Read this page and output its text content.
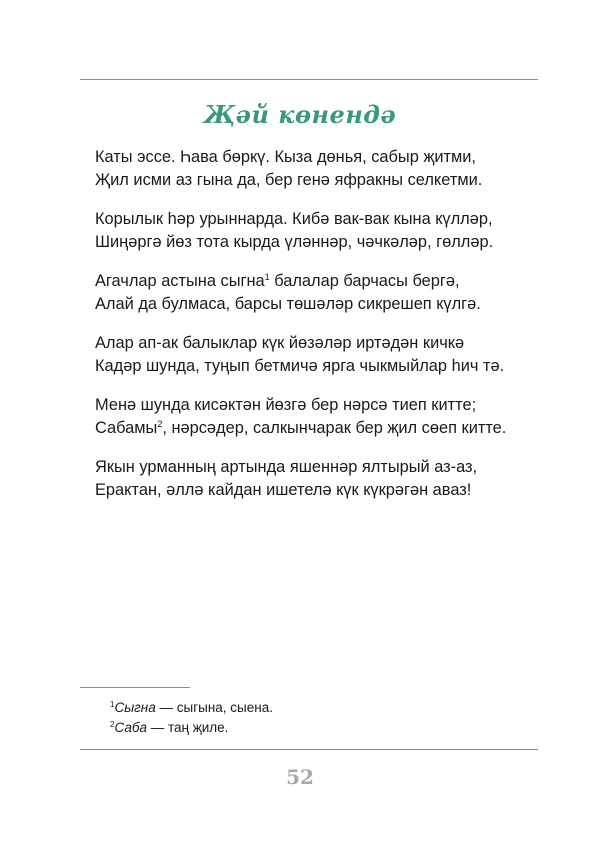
Җәй көнендә
Каты эссе. Һава бөркү. Кыза дөнья, сабыр җитми,
Җил исми аз гына да, бер генә яфракны селкетми.
Корылык һәр урыннарда. Кибә вак-вак кына күлләр,
Шиңәргә йөз тота кырда үләннәр, чәчкәләр, гөлләр.
Агачлар астына сыгна$^1$ балалар барчасы бергә,
Алай да булмаса, барсы төшәләр сикрешеп күлгә.
Алар ап-ак балыклар күк йөзәләр иртәдән кичкә
Кадәр шунда, туңып бетмичә ярга чыкмыйлар һич тә.
Менә шунда кисәктән йөзгә бер нәрсә тиеп китте;
Сабамы$^2$, нәрсәдер, салкынчарак бер җил сөеп китте.
Якын урманның артында яшеннәр ялтырый аз-аз,
Ерактан, әллә кайдан ишетелә күк күкрәгән аваз!
$^1$Сыгна — сыгына, сыена.
$^2$Саба — таң җиле.
52
